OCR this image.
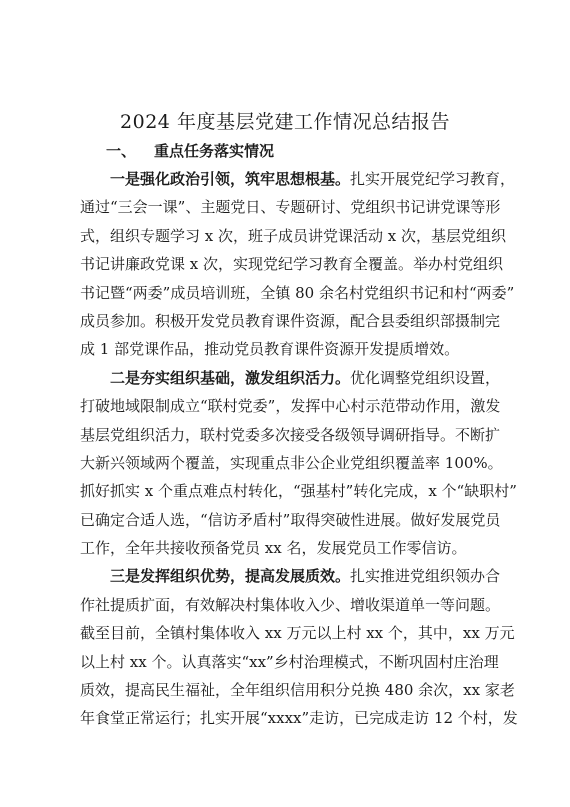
2024 年度基层党建工作情况总结报告
一、 重点任务落实情况
一是强化政治引领，筑牢思想根基。扎实开展党纪学习教育，
通过“三会一课”、主题党日、专题研讨、党组织书记讲党课等形
式，组织专题学习 x 次，班子成员讲党课活动 x 次，基层党组织
书记讲廉政党课 x 次，实现党纪学习教育全覆盖。举办村党组织
书记暨“两委”成员培训班，全镇 80 余名村党组织书记和村“两委”
成员参加。积极开发党员教育课件资源，配合县委组织部摄制完
成 1 部党课作品，推动党员教育课件资源开发提质增效。
二是夯实组织基础，激发组织活力。优化调整党组织设置，
打破地域限制成立“联村党委”，发挥中心村示范带动作用，激发
基层党组织活力，联村党委多次接受各级领导调研指导。不断扩
大新兴领域两个覆盖，实现重点非公企业党组织覆盖率 100%。
抓好抓实 x 个重点难点村转化，“强基村”转化完成，x 个“缺职村”
已确定合适人选，“信访矛盾村”取得突破性进展。做好发展党员
工作，全年共接收预备党员 xx 名，发展党员工作零信访。
三是发挥组织优势，提高发展质效。扎实推进党组织领办合
作社提质扩面，有效解决村集体收入少、增收渠道单一等问题。
截至目前，全镇村集体收入 xx 万元以上村 xx 个，其中，xx 万元
以上村 xx 个。认真落实“xx”乡村治理模式，不断巩固村庄治理
质效，提高民生福祉，全年组织信用积分兑换 480 余次，xx 家老
年食堂正常运行；扎实开展“xxxx”走访，已完成走访 12 个村，发
